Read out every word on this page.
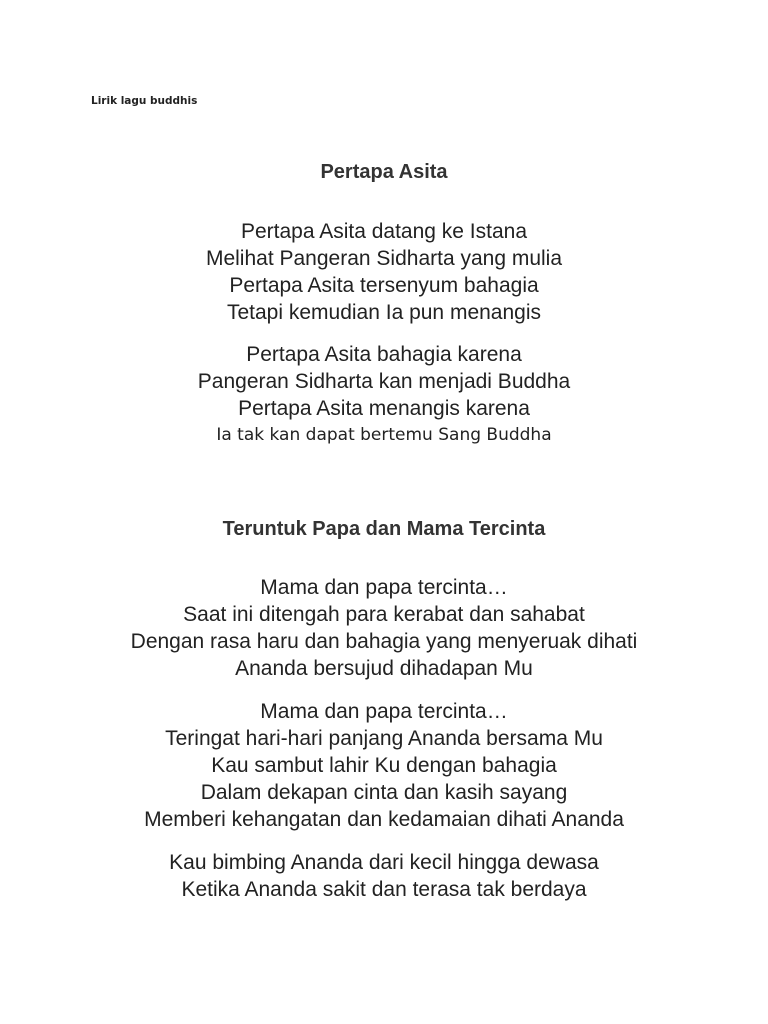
Lirik lagu buddhis
Pertapa Asita
Pertapa Asita datang ke Istana
Melihat Pangeran Sidharta yang mulia
Pertapa Asita tersenyum bahagia
Tetapi kemudian Ia pun menangis
Pertapa Asita bahagia karena
Pangeran Sidharta kan menjadi Buddha
Pertapa Asita menangis karena
Ia tak kan dapat bertemu Sang Buddha
Teruntuk Papa dan Mama Tercinta
Mama dan papa tercinta…
Saat ini ditengah para kerabat dan sahabat
Dengan rasa haru dan bahagia yang menyeruak dihati
Ananda bersujud dihadapan Mu
Mama dan papa tercinta…
Teringat hari-hari panjang Ananda bersama Mu
Kau sambut lahir Ku dengan bahagia
Dalam dekapan cinta dan kasih sayang
Memberi kehangatan dan kedamaian dihati Ananda
Kau bimbing Ananda dari kecil hingga dewasa
Ketika Ananda sakit dan terasa tak berdaya
